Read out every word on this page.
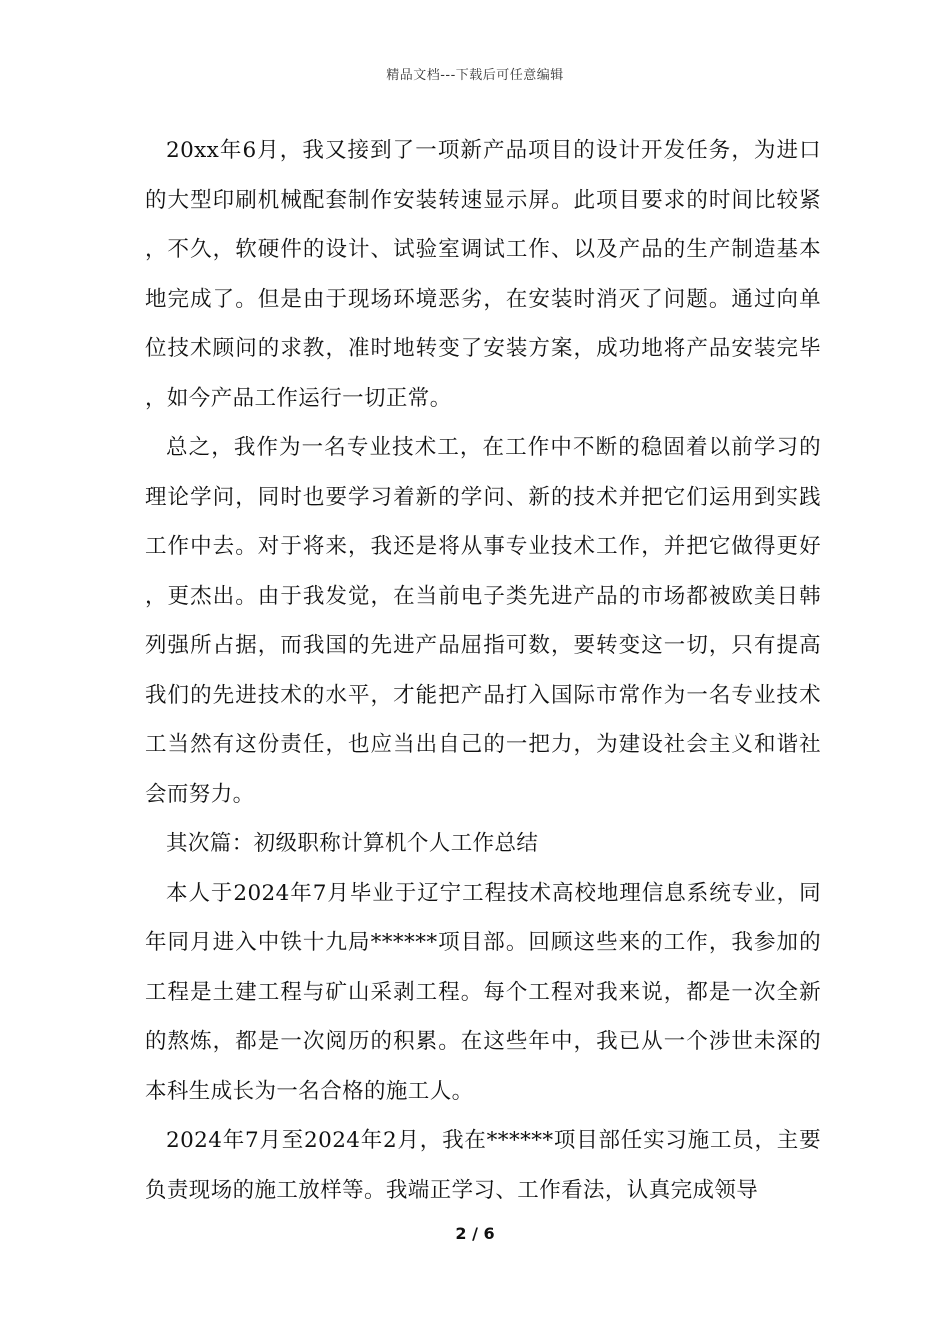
精品文档---下载后可任意编辑

20xx年6月，我又接到了一项新产品项目的设计开发任务，为进口的大型印刷机械配套制作安装转速显示屏。此项目要求的时间比较紧，不久，软硬件的设计、试验室调试工作、以及产品的生产制造基本地完成了。但是由于现场环境恶劣，在安装时消灭了问题。通过向单位技术顾问的求教，准时地转变了安装方案，成功地将产品安装完毕，如今产品工作运行一切正常。

总之，我作为一名专业技术工，在工作中不断的稳固着以前学习的理论学问，同时也要学习着新的学问、新的技术并把它们运用到实践工作中去。对于将来，我还是将从事专业技术工作，并把它做得更好，更杰出。由于我发觉，在当前电子类先进产品的市场都被欧美日韩列强所占据，而我国的先进产品屈指可数，要转变这一切，只有提高我们的先进技术的水平，才能把产品打入国际市常作为一名专业技术工当然有这份责任，也应当出自己的一把力，为建设社会主义和谐社会而努力。

其次篇：初级职称计算机个人工作总结

本人于2024年7月毕业于辽宁工程技术高校地理信息系统专业，同年同月进入中铁十九局******项目部。回顾这些来的工作，我参加的工程是土建工程与矿山采剥工程。每个工程对我来说，都是一次全新的熬炼，都是一次阅历的积累。在这些年中，我已从一个涉世未深的本科生成长为一名合格的施工人。

2024年7月至2024年2月，我在******项目部任实习施工员，主要负责现场的施工放样等。我端正学习、工作看法，认真完成领导

2 / 6
